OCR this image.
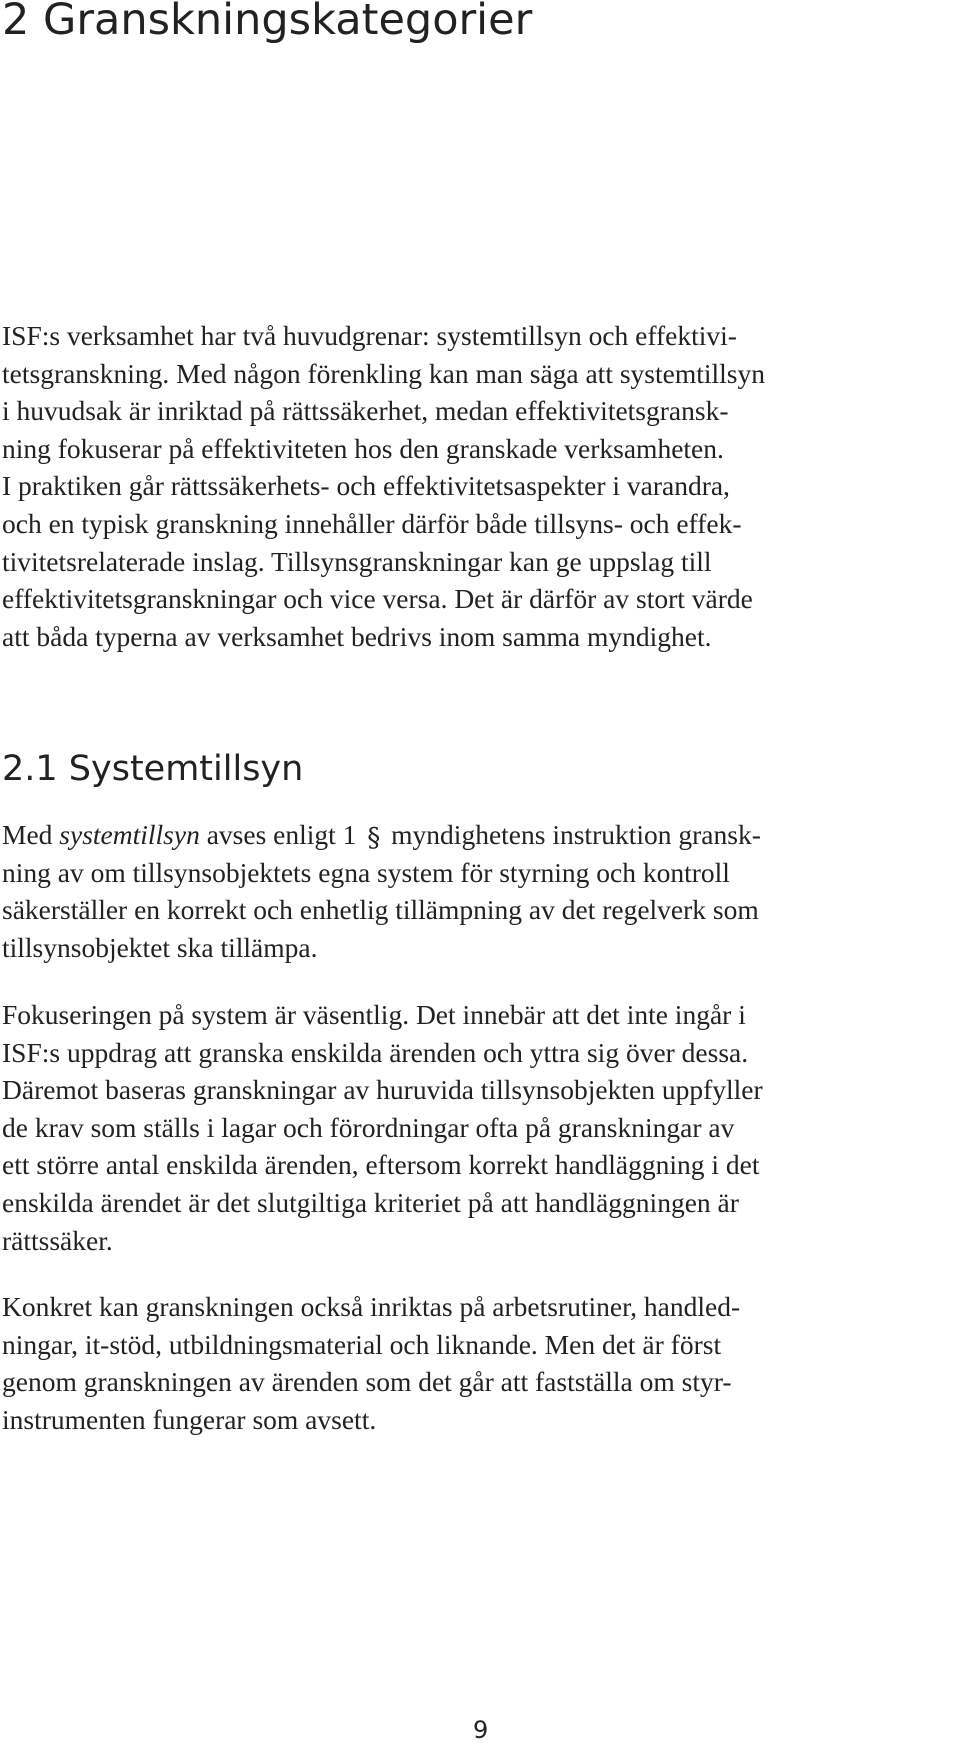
2 Granskningskategorier
ISF:s verksamhet har två huvudgrenar: systemtillsyn och effektivi-
tetsgranskning. Med någon förenkling kan man säga att systemtillsyn
i huvudsak är inriktad på rättssäkerhet, medan effektivitetsgransk-
ning fokuserar på effektiviteten hos den granskade verksamheten.
I praktiken går rättssäkerhets- och effektivitetsaspekter i varandra,
och en typisk granskning innehåller därför både tillsyns- och effek-
tivitetsrelaterade inslag. Tillsynsgranskningar kan ge uppslag till
effektivitetsgranskningar och vice versa. Det är därför av stort värde
att båda typerna av verksamhet bedrivs inom samma myndighet.
2.1 Systemtillsyn
Med systemtillsyn avses enligt 1 § myndighetens instruktion gransk-
ning av om tillsynsobjektets egna system för styrning och kontroll
säkerställer en korrekt och enhetlig tillämpning av det regelverk som
tillsynsobjektet ska tillämpa.
Fokuseringen på system är väsentlig. Det innebär att det inte ingår i
ISF:s uppdrag att granska enskilda ärenden och yttra sig över dessa.
Däremot baseras granskningar av huruvida tillsynsobjekten uppfyller
de krav som ställs i lagar och förordningar ofta på granskningar av
ett större antal enskilda ärenden, eftersom korrekt handläggning i det
enskilda ärendet är det slutgiltiga kriteriet på att handläggningen är
rättssäker.
Konkret kan granskningen också inriktas på arbetsrutiner, handled-
ningar, it-stöd, utbildningsmaterial och liknande. Men det är först
genom granskningen av ärenden som det går att fastställa om styr-
instrumenten fungerar som avsett.

9
